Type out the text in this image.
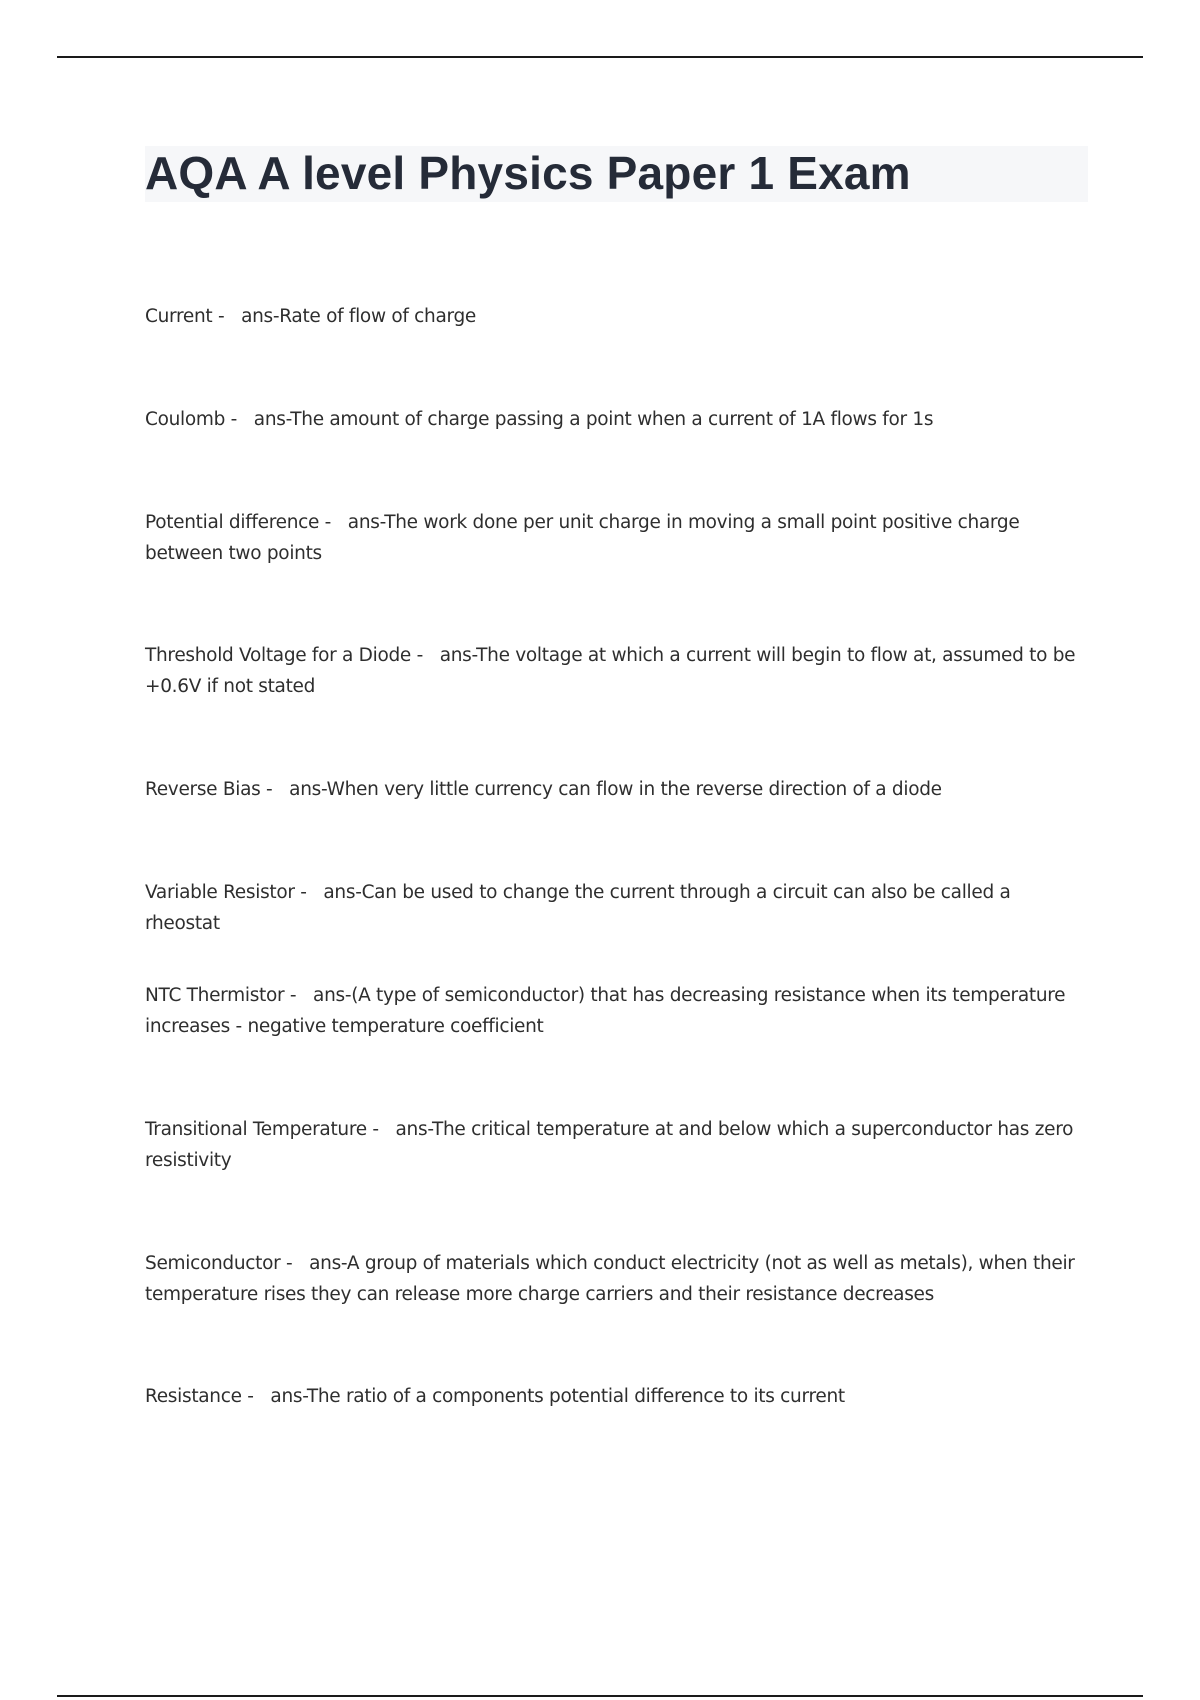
AQA A level Physics Paper 1 Exam
Current -   ans-Rate of flow of charge
Coulomb -   ans-The amount of charge passing a point when a current of 1A flows for 1s
Potential difference -   ans-The work done per unit charge in moving a small point positive charge between two points
Threshold Voltage for a Diode -   ans-The voltage at which a current will begin to flow at, assumed to be +0.6V if not stated
Reverse Bias -   ans-When very little currency can flow in the reverse direction of a diode
Variable Resistor -   ans-Can be used to change the current through a circuit can also be called a rheostat
NTC Thermistor -   ans-(A type of semiconductor) that has decreasing resistance when its temperature increases - negative temperature coefficient
Transitional Temperature -   ans-The critical temperature at and below which a superconductor has zero resistivity
Semiconductor -   ans-A group of materials which conduct electricity (not as well as metals), when their temperature rises they can release more charge carriers and their resistance decreases
Resistance -   ans-The ratio of a components potential difference to its current
